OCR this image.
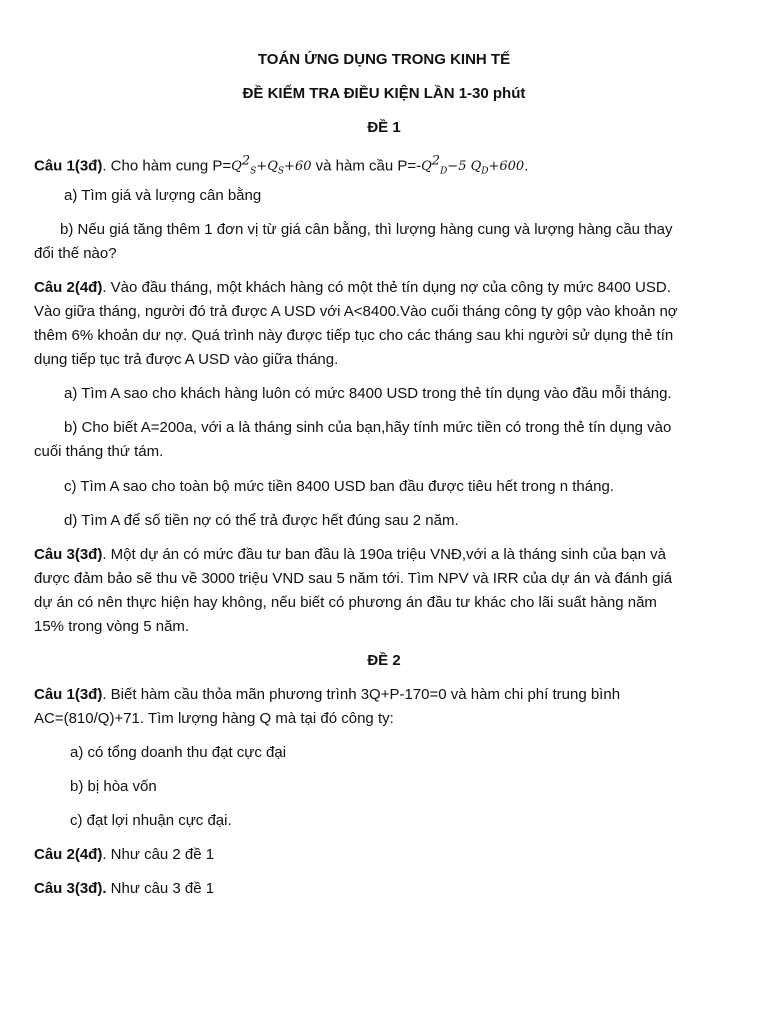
TOÁN ỨNG DỤNG TRONG KINH TẾ
ĐỀ KIỂM TRA ĐIỀU KIỆN LẦN 1-30 phút
ĐỀ 1
Câu 1(3đ). Cho hàm cung $P=Q^2_S+Q_S+60$ và hàm cầu $P=-Q^2_D-5$ $Q_D+600$.
a) Tìm giá và lượng cân bằng
b) Nếu giá tăng thêm 1 đơn vị từ giá cân bằng, thì lượng hàng cung và lượng hàng cầu thay
đổi thế nào?
Câu 2(4đ). Vào đầu tháng, một khách hàng có một thẻ tín dụng nợ của công ty mức 8400 USD.
Vào giữa tháng, người đó trả được A USD với A<8400.Vào cuối tháng công ty gộp vào khoản nợ
thêm 6% khoản dư nợ. Quá trình này được tiếp tục cho các tháng sau khi người sử dụng thẻ tín
dụng tiếp tục trả được A USD vào giữa tháng.
a) Tìm A sao cho khách hàng luôn có mức 8400 USD trong thẻ tín dụng vào đầu mỗi tháng.
b) Cho biết A=200a, với a là tháng sinh của bạn,hãy tính mức tiền có trong thẻ tín dụng vào
cuối tháng thứ tám.
c) Tìm A sao cho toàn bộ mức tiền 8400 USD ban đầu được tiêu hết trong n tháng.
d) Tìm A để số tiền nợ có thể trả được hết đúng sau 2 năm.
Câu 3(3đ). Một dự án có mức đầu tư ban đầu là 190a triệu VNĐ,với a là tháng sinh của bạn và
được đảm bảo sẽ thu về 3000 triệu VND sau 5 năm tới. Tìm NPV và IRR của dự án và đánh giá
dự án có nên thực hiện hay không, nếu biết có phương án đầu tư khác cho lãi suất hàng năm
15% trong vòng 5 năm.
ĐỀ 2
Câu 1(3đ). Biết hàm cầu thỏa mãn phương trình 3Q+P-170=0 và hàm chi phí trung bình
AC=(810/Q)+71. Tìm lượng hàng Q mà tại đó công ty:
a) có tổng doanh thu đạt cực đại
b) bị hòa vốn
c) đạt lợi nhuận cực đại.
Câu 2(4đ). Như câu 2 đề 1
Câu 3(3đ). Như câu 3 đề 1
